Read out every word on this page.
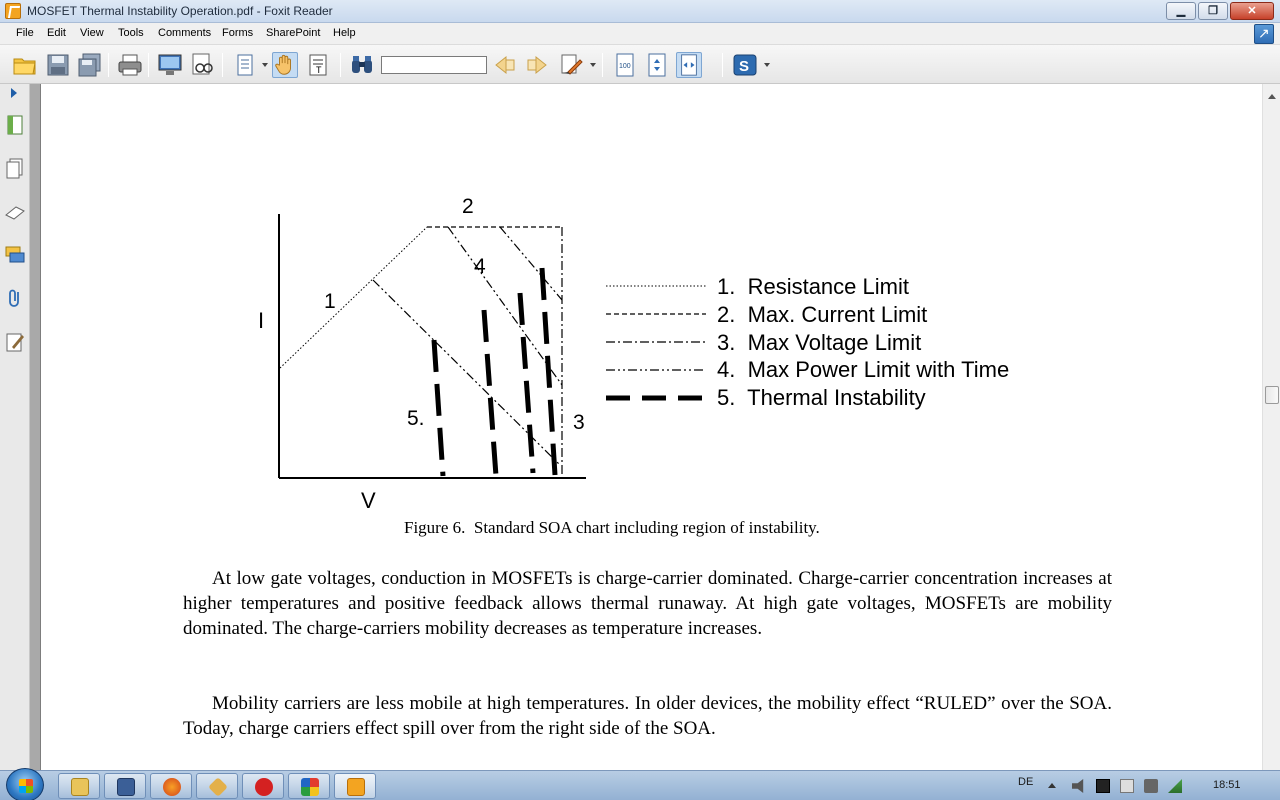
MOSFET Thermal Instability Operation.pdf - Foxit Reader	▁	❐	✕
File Edit View Tools Comments Forms SharePoint Help
↗
T	100	S
I
V
1
2
3
4
5.
1.  Resistance Limit
2.  Max. Current Limit
3.  Max Voltage Limit
4.  Max Power Limit with Time
5.  Thermal Instability
Figure 6.  Standard SOA chart including region of instability.
At low gate voltages, conduction in MOSFETs is charge-carrier dominated. Charge-carrier concentration increases at higher temperatures and positive feedback allows thermal runaway. At high gate voltages, MOSFETs are mobility dominated. The charge-carriers mobility decreases as temperature increases.
Mobility carriers are less mobile at high temperatures. In older devices, the mobility effect “RULED” over the SOA. Today, charge carriers effect spill over from the right side of the SOA.
DE	18:51
